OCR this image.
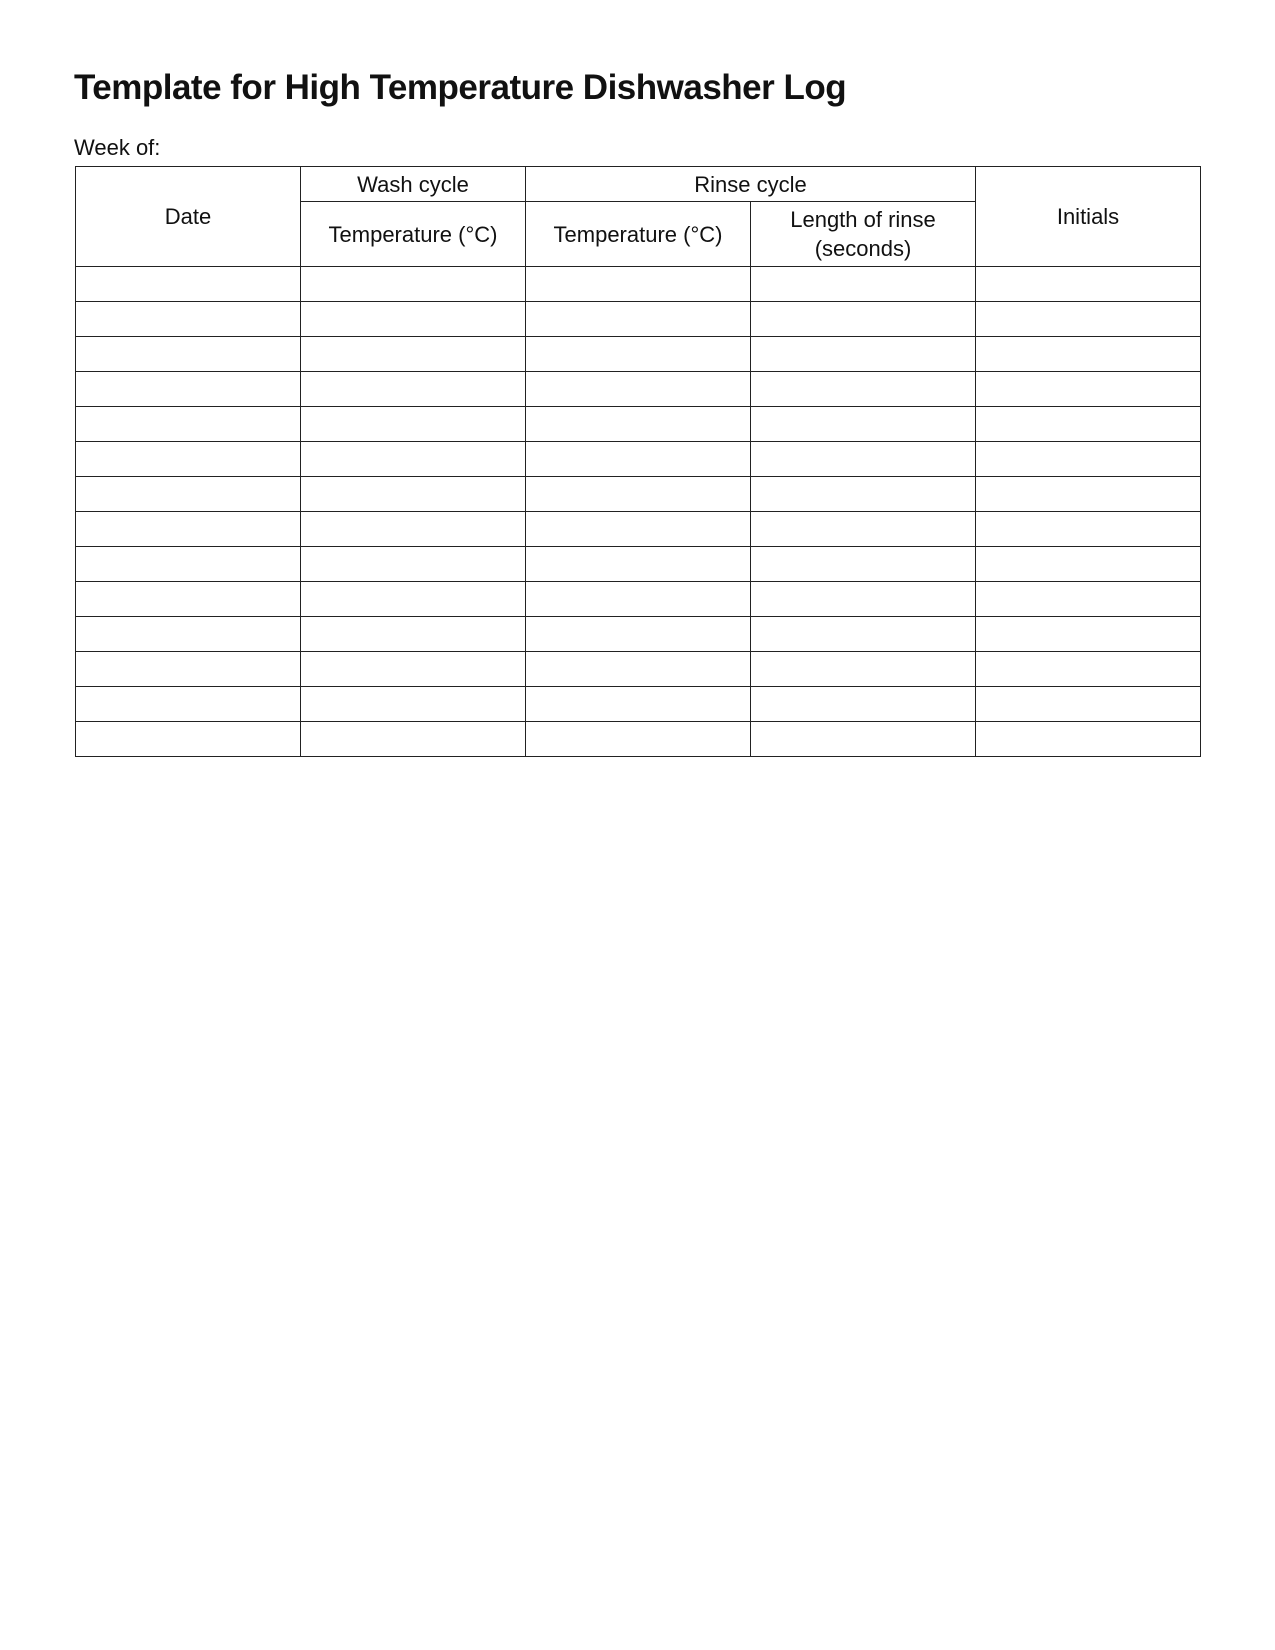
Template for High Temperature Dishwasher Log
Week of:
Date	Wash cycle	Rinse cycle		Initials
	Temperature (°C)	Temperature (°C)	Length of rinse
(seconds)	
